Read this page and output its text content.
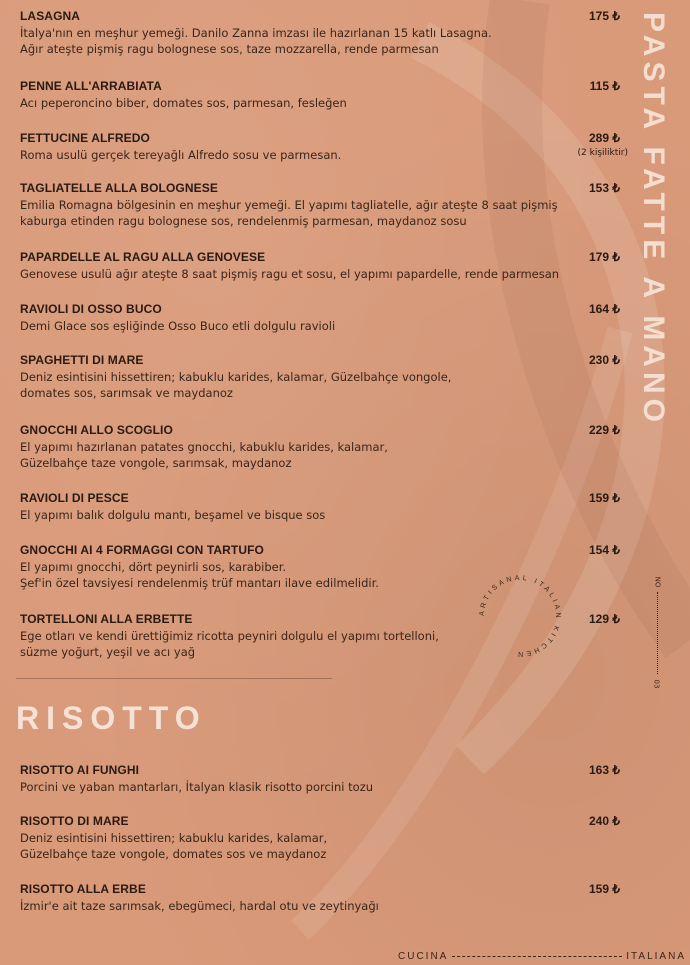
PASTA FATTE A MANO
LASAGNA
İtalya'nın en meşhur yemeği. Danilo Zanna imzası ile hazırlanan 15 katlı Lasagna.
Ağır ateşte pişmiş ragu bolognese sos, taze mozzarella, rende parmesan
175 ₺
PENNE ALL'ARRABIATA
Acı peperoncino biber, domates sos, parmesan, fesleğen
115 ₺
FETTUCINE ALFREDO
Roma usulü gerçek tereyağlı Alfredo sosu ve parmesan.
289 ₺
(2 kişiliktir)
TAGLIATELLE ALLA BOLOGNESE
Emilia Romagna bölgesinin en meşhur yemeği. El yapımı tagliatelle, ağır ateşte 8 saat pişmiş
kaburga etinden ragu bolognese sos, rendelenmiş parmesan, maydanoz sosu
153 ₺
PAPARDELLE AL RAGU ALLA GENOVESE
Genovese usulü ağır ateşte 8 saat pişmiş ragu et sosu, el yapımı papardelle, rende parmesan
179 ₺
RAVIOLI DI OSSO BUCO
Demi Glace sos eşliğinde Osso Buco etli dolgulu ravioli
164 ₺
SPAGHETTI DI MARE
Deniz esintisini hissettiren; kabuklu karides, kalamar, Güzelbahçe vongole,
domates sos, sarımsak ve maydanoz
230 ₺
GNOCCHI ALLO SCOGLIO
El yapımı hazırlanan patates gnocchi, kabuklu karides, kalamar,
Güzelbahçe taze vongole, sarımsak, maydanoz
229 ₺
RAVIOLI DI PESCE
El yapımı balık dolgulu mantı, beşamel ve bisque sos
159 ₺
GNOCCHI AI 4 FORMAGGI CON TARTUFO
El yapımı gnocchi, dört peynirli sos, karabiber.
Şef'in özel tavsiyesi rendelenmiş trüf mantarı ilave edilmelidir.
154 ₺
TORTELLONI ALLA ERBETTE
Ege otları ve kendi ürettiğimiz ricotta peyniri dolgulu el yapımı tortelloni,
süzme yoğurt, yeşil ve acı yağ
129 ₺
RISOTTO
RISOTTO AI FUNGHI
Porcini ve yaban mantarları, İtalyan klasik risotto porcini tozu
163 ₺
RISOTTO DI MARE
Deniz esintisini hissettiren; kabuklu karides, kalamar,
Güzelbahçe taze vongole, domates sos ve maydanoz
240 ₺
RISOTTO ALLA ERBE
İzmir'e ait taze sarımsak, ebegümeci, hardal otu ve zeytinyağı
159 ₺
ARTISANAL ITALIAN KITCHEN
NO
03
CUCINA	ITALIANA
